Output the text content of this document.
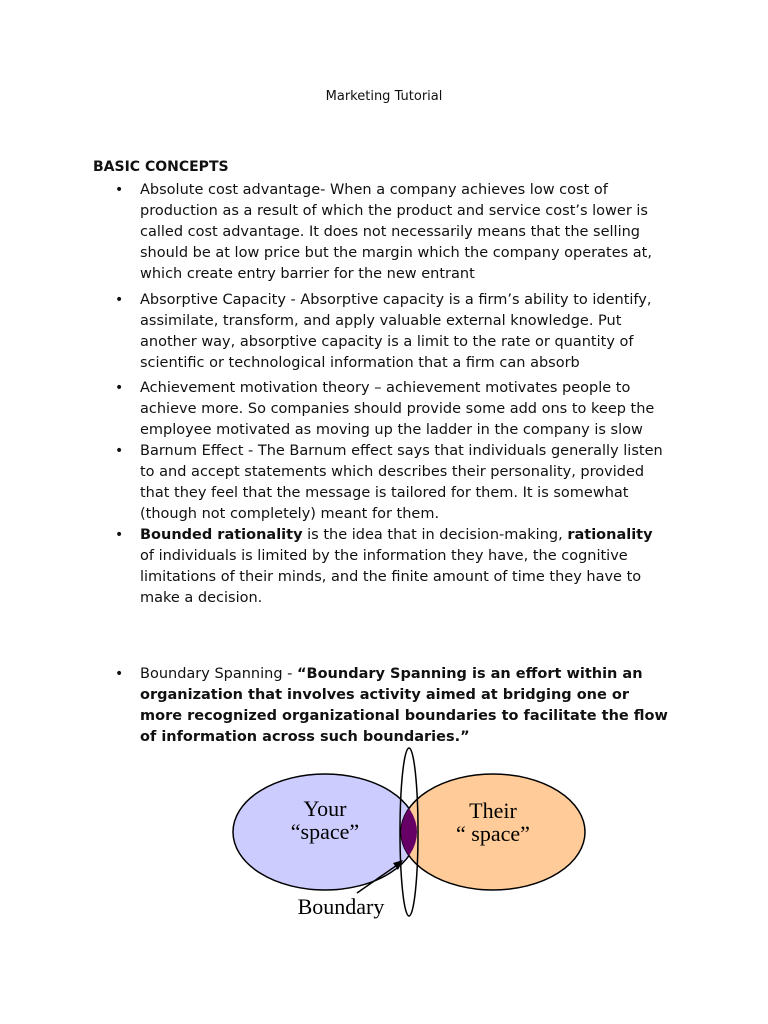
Marketing Tutorial
BASIC CONCEPTS
• Absolute cost advantage- When a company achieves low cost of production as a result of which the product and service cost’s lower is called cost advantage. It does not necessarily means that the selling should be at low price but the margin which the company operates at, which create entry barrier for the new entrant
• Absorptive Capacity - Absorptive capacity is a firm’s ability to identify, assimilate, transform, and apply valuable external knowledge. Put another way, absorptive capacity is a limit to the rate or quantity of scientific or technological information that a firm can absorb
• Achievement motivation theory – achievement motivates people to achieve more. So companies should provide some add ons to keep the employee motivated as moving up the ladder in the company is slow
• Barnum Effect - The Barnum effect says that individuals generally listen to and accept statements which describes their personality, provided that they feel that the message is tailored for them. It is somewhat (though not completely) meant for them.
• Bounded rationality is the idea that in decision-making, rationality of individuals is limited by the information they have, the cognitive limitations of their minds, and the finite amount of time they have to make a decision.
• Boundary Spanning - “Boundary Spanning is an effort within an organization that involves activity aimed at bridging one or more recognized organizational boundaries to facilitate the flow of information across such boundaries.”
Your
“space”
Their
“ space”
Boundary
